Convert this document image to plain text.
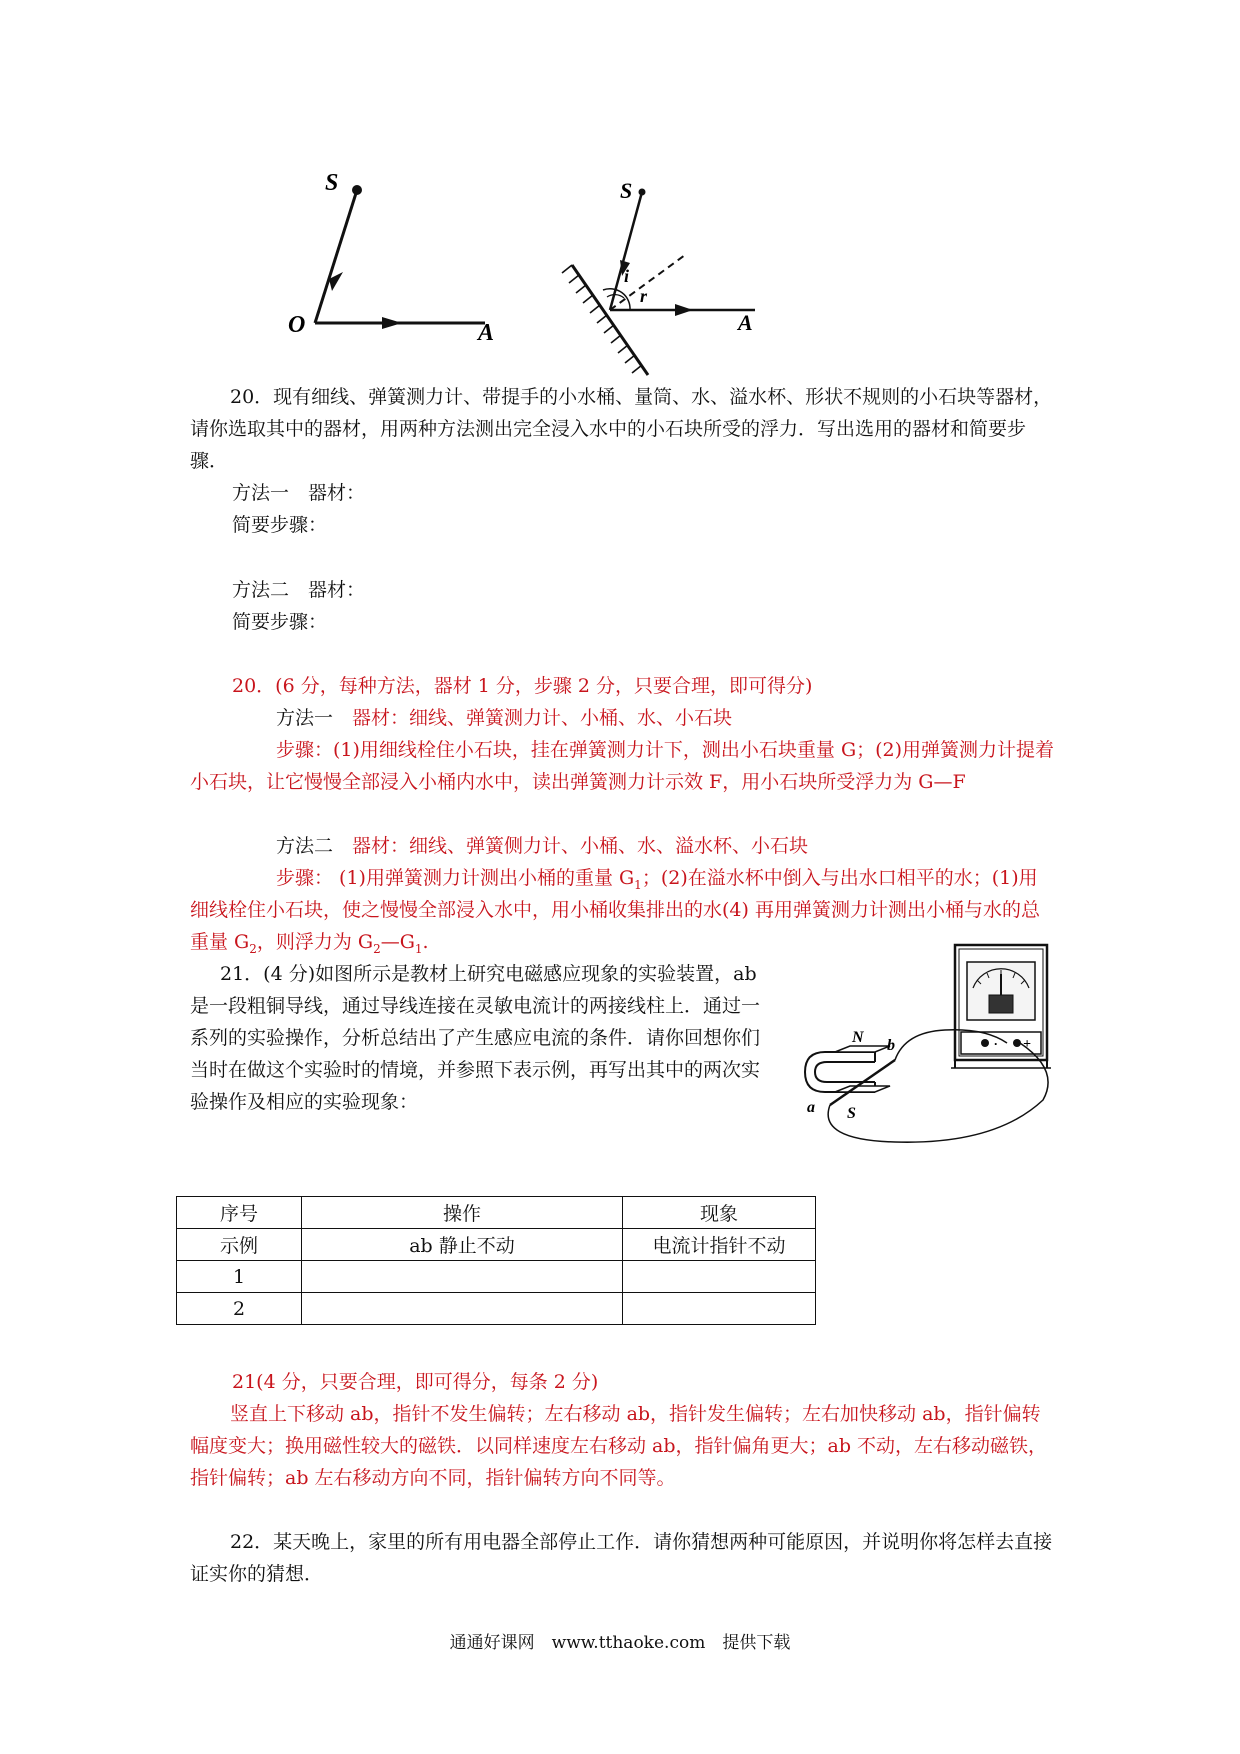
S
O	A
S
i
r
A
20．现有细线、弹簧测力计、带提手的小水桶、量筒、水、溢水杯、形状不规则的小石块等器材，请你选取其中的器材，用两种方法测出完全浸入水中的小石块所受的浮力．写出选用的器材和简要步骤．
方法一　器材：
简要步骤：
方法二　器材：
简要步骤：
20．(6 分，每种方法，器材 1 分，步骤 2 分，只要合理，即可得分)
方法一　器材：细线、弹簧测力计、小桶、水、小石块
步骤：(1)用细线栓住小石块，挂在弹簧测力计下，测出小石块重量 G；(2)用弹簧测力计提着小石块，让它慢慢全部浸入小桶内水中，读出弹簧测力计示效 F，用小石块所受浮力为 G—F
方法二　器材：细线、弹簧侧力计、小桶、水、溢水杯、小石块
步骤： (1)用弹簧测力计测出小桶的重量 $G_1$；(2)在溢水杯中倒入与出水口相平的水；(1)用细线栓住小石块，使之慢慢全部浸入水中，用小桶收集排出的水(4) 再用弹簧测力计测出小桶与水的总重量 $G_2$，则浮力为 $G_2—G_1$.
21．(4 分)如图所示是教材上研究电磁感应现象的实验装置，ab 是一段粗铜导线，通过导线连接在灵敏电流计的两接线柱上．通过一系列的实验操作，分析总结出了产生感应电流的条件．请你回想你们当时在做这个实验时的情境，并参照下表示例，再写出其中的两次实验操作及相应的实验现象：
· +
N b
a S
序号	操作	现象
示例	ab 静止不动	电流计指针不动
1		
2		
21(4 分，只要合理，即可得分，每条 2 分)
竖直上下移动 ab，指针不发生偏转；左右移动 ab，指针发生偏转；左右加快移动 ab，指针偏转幅度变大；换用磁性较大的磁铁．以同样速度左右移动 ab，指针偏角更大；ab 不动，左右移动磁铁，指针偏转；ab 左右移动方向不同，指针偏转方向不同等。
22．某天晚上，家里的所有用电器全部停止工作．请你猜想两种可能原因，并说明你将怎样去直接证实你的猜想．
通通好课网　www.tthaoke.com　提供下载
